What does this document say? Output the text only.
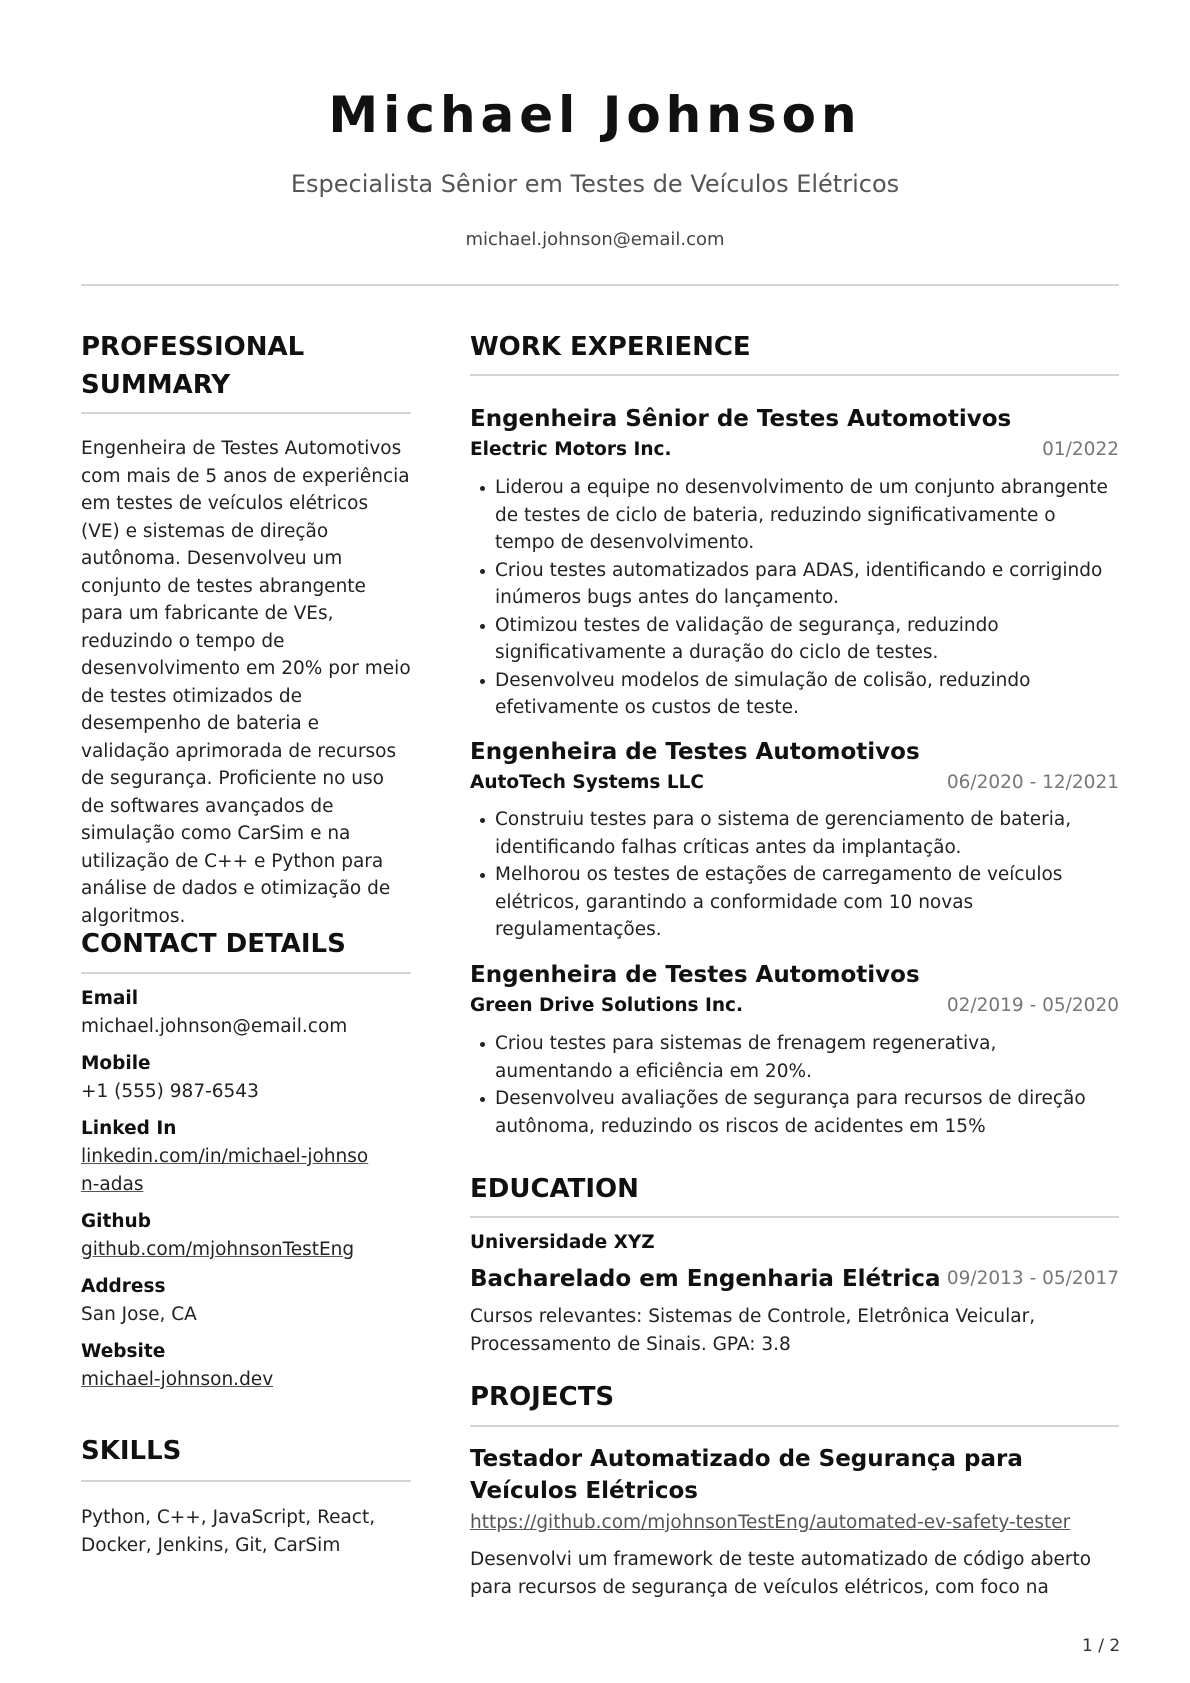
Michael Johnson
Especialista Sênior em Testes de Veículos Elétricos
michael.johnson@email.com
PROFESSIONAL SUMMARY
Engenheira de Testes Automotivos com mais de 5 anos de experiência em testes de veículos elétricos (VE) e sistemas de direção autônoma. Desenvolveu um conjunto de testes abrangente para um fabricante de VEs, reduzindo o tempo de desenvolvimento em 20% por meio de testes otimizados de desempenho de bateria e validação aprimorada de recursos de segurança. Proficiente no uso de softwares avançados de simulação como CarSim e na utilização de C++ e Python para análise de dados e otimização de algoritmos.
CONTACT DETAILS
Email
michael.johnson@email.com
Mobile
+1 (555) 987-6543
Linked In
linkedin.com/in/michael-johnson-adas
Github
github.com/mjohnsonTestEng
Address
San Jose, CA
Website
michael-johnson.dev
SKILLS
Python, C++, JavaScript, React, Docker, Jenkins, Git, CarSim
WORK EXPERIENCE
Engenheira Sênior de Testes Automotivos
Electric Motors Inc.	01/2022
Liderou a equipe no desenvolvimento de um conjunto abrangente de testes de ciclo de bateria, reduzindo significativamente o tempo de desenvolvimento.
Criou testes automatizados para ADAS, identificando e corrigindo inúmeros bugs antes do lançamento.
Otimizou testes de validação de segurança, reduzindo significativamente a duração do ciclo de testes.
Desenvolveu modelos de simulação de colisão, reduzindo efetivamente os custos de teste.
Engenheira de Testes Automotivos
AutoTech Systems LLC	06/2020 - 12/2021
Construiu testes para o sistema de gerenciamento de bateria, identificando falhas críticas antes da implantação.
Melhorou os testes de estações de carregamento de veículos elétricos, garantindo a conformidade com 10 novas regulamentações.
Engenheira de Testes Automotivos
Green Drive Solutions Inc.	02/2019 - 05/2020
Criou testes para sistemas de frenagem regenerativa, aumentando a eficiência em 20%.
Desenvolveu avaliações de segurança para recursos de direção autônoma, reduzindo os riscos de acidentes em 15%
EDUCATION
Universidade XYZ
Bacharelado em Engenharia Elétrica 09/2013 - 05/2017
Cursos relevantes: Sistemas de Controle, Eletrônica Veicular, Processamento de Sinais. GPA: 3.8
PROJECTS
Testador Automatizado de Segurança para Veículos Elétricos
https://github.com/mjohnsonTestEng/automated-ev-safety-tester
Desenvolvi um framework de teste automatizado de código aberto para recursos de segurança de veículos elétricos, com foco na
1 / 2
